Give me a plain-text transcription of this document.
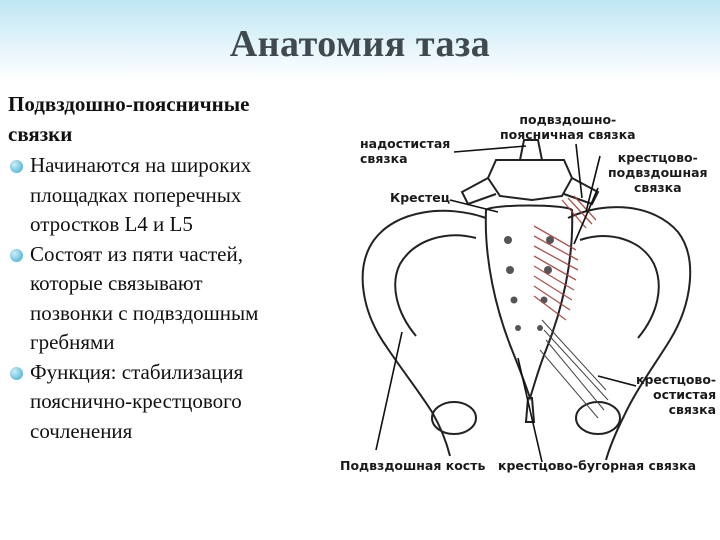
Анатомия таза
Подвздошно-поясничные
связки
Начинаются на широких
площадках поперечных
отростков L4 и L5
Состоят из пяти частей,
которые связывают
позвонки с подвздошным
гребнями
Функция: стабилизация
пояснично-крестцового
сочленения
надостистая
связка
Крестец
подвздошно-
поясничная связка
крестцово-
подвздошная
связка
крестцово-
остистая
связка
Подвздошная кость крестцово-бугорная связка
